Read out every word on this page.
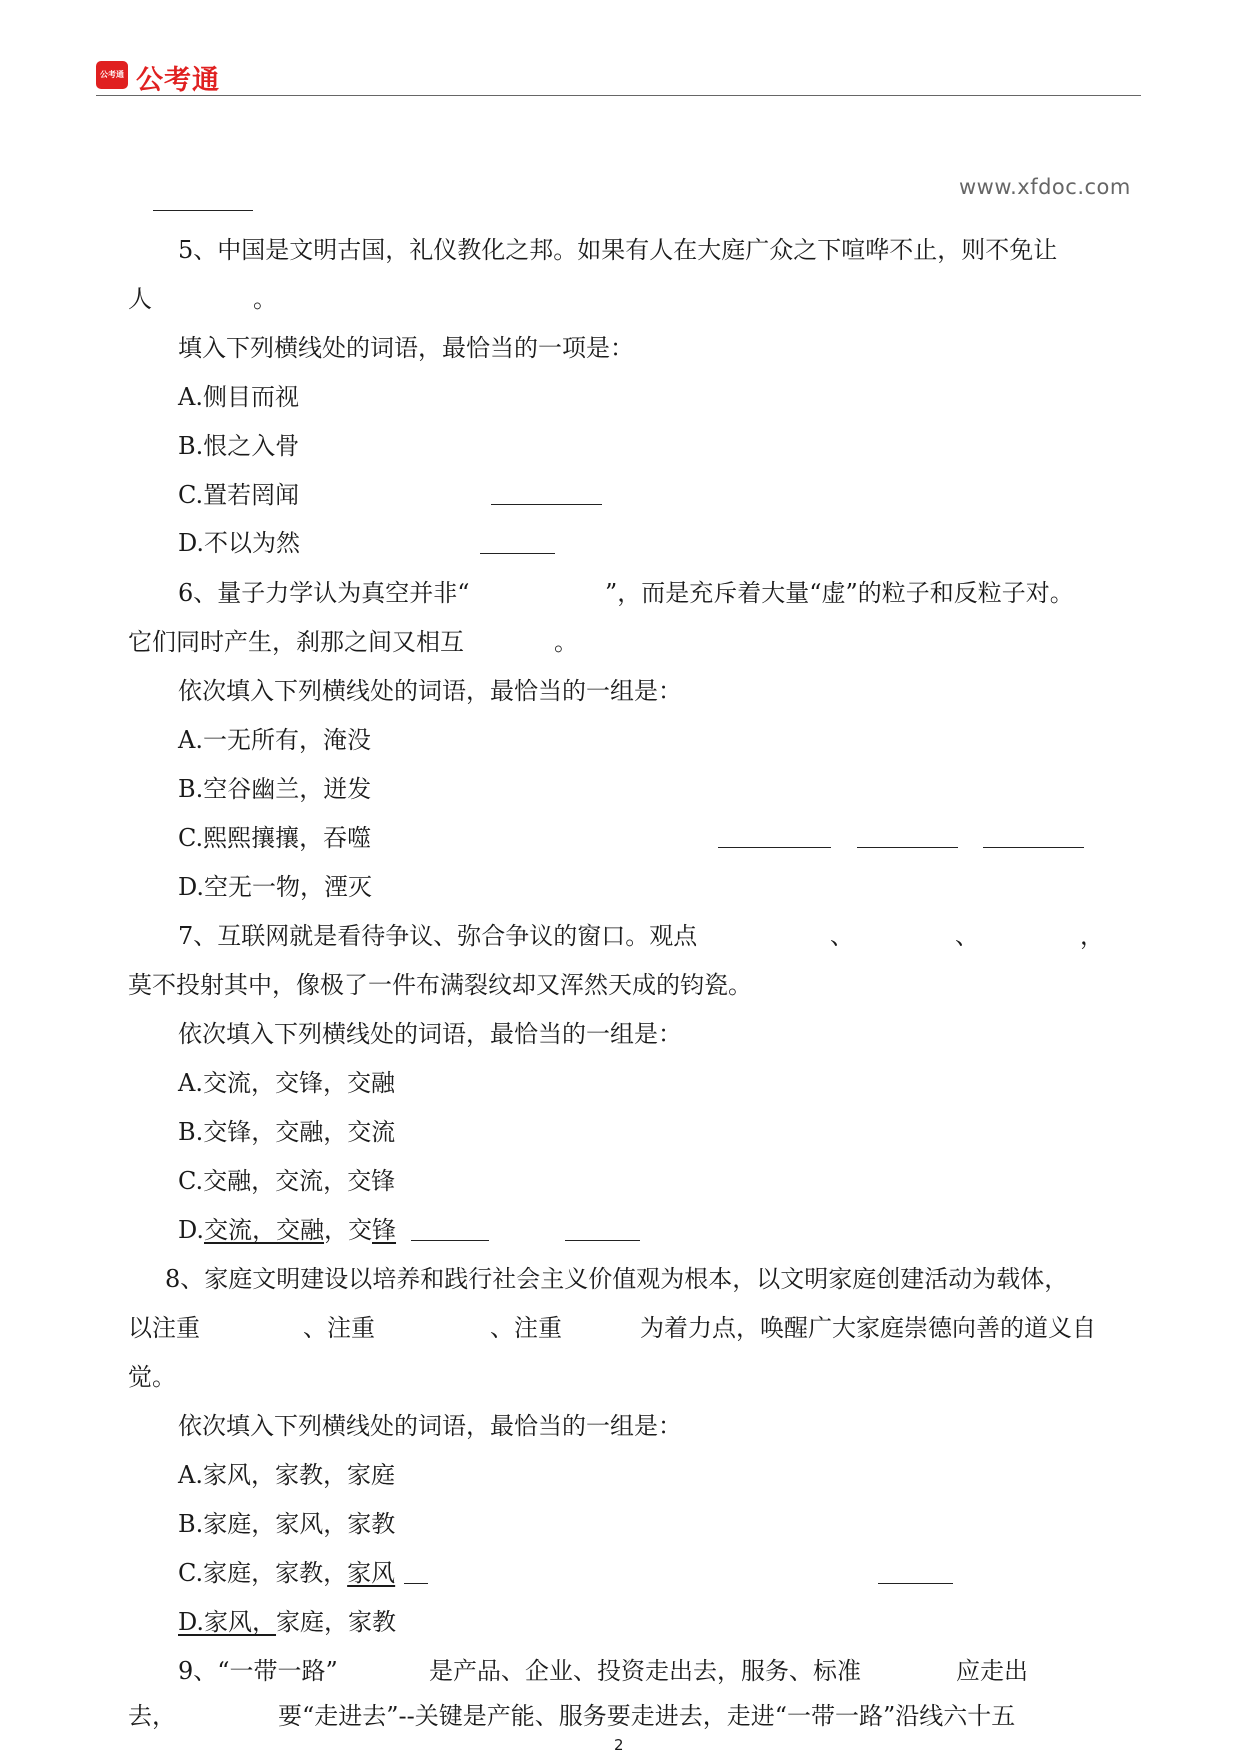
公考通 公考通
www.xfdoc.com
5、中国是文明古国，礼仪教化之邦。如果有人在大庭广众之下喧哗不止，则不免让
人	。
填入下列横线处的词语，最恰当的一项是：
A.侧目而视
B.恨之入骨
C.置若罔闻
D.不以为然
6、量子力学认为真空并非“	”，而是充斥着大量“虚”的粒子和反粒子对。
它们同时产生，刹那之间又相互	。
依次填入下列横线处的词语，最恰当的一组是：
A.一无所有，淹没
B.空谷幽兰，迸发
C.熙熙攘攘，吞噬
D.空无一物，湮灭
7、互联网就是看待争议、弥合争议的窗口。观点	、	、	，
莫不投射其中，像极了一件布满裂纹却又浑然天成的钧瓷。
依次填入下列横线处的词语，最恰当的一组是：
A.交流，交锋，交融
B.交锋，交融，交流
C.交融，交流，交锋
D.交流，交融，交锋
8、家庭文明建设以培养和践行社会主义价值观为根本，以文明家庭创建活动为载体，
以注重	、注重	、注重	为着力点，唤醒广大家庭崇德向善的道义自
觉。
依次填入下列横线处的词语，最恰当的一组是：
A.家风，家教，家庭
B.家庭，家风，家教
C.家庭，家教，家风
D.家风，家庭，家教
9、“一带一路”	是产品、企业、投资走出去，服务、标准	应走出
去，	要“走进去”--关键是产能、服务要走进去，走进“一带一路”沿线六十五
2
